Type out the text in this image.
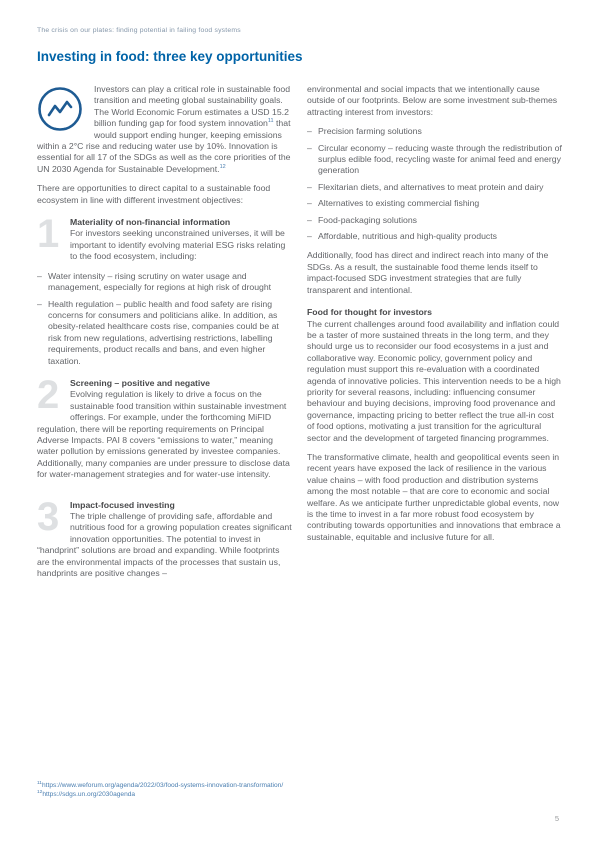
The crisis on our plates: finding potential in failing food systems
Investing in food: three key opportunities

Investors can play a critical role in sustainable food transition and meeting global sustainability goals. The World Economic Forum estimates a USD 15.2 billion funding gap for food system innovation$^{11}$ that would support ending hunger, keeping emissions within a 2°C rise and reducing water use by 10%. Innovation is essential for all 17 of the SDGs as well as the core priorities of the UN 2030 Agenda for Sustainable Development.$^{12}$

There are opportunities to direct capital to a sustainable food ecosystem in line with different investment objectives:

1	Materiality of non-financial information

For investors seeking unconstrained universes, it will be important to identify evolving material ESG risks relating to the food ecosystem, including:

– Water intensity – rising scrutiny on water usage and management, especially for regions at high risk of drought
– Health regulation – public health and food safety are rising concerns for consumers and politicians alike. In addition, as obesity-related healthcare costs rise, companies could be at risk from new regulations, advertising restrictions, labelling requirements, product recalls and bans, and even higher taxation.
2	Screening – positive and negative

Evolving regulation is likely to drive a focus on the sustainable food transition within sustainable investment offerings. For example, under the forthcoming MiFID regulation, there will be reporting requirements on Principal Adverse Impacts. PAI 8 covers “emissions to water,” meaning water pollution by emissions generated by investee companies. Additionally, many companies are under pressure to disclose data for water-management strategies and for water-use intensity.

3	Impact-focused investing

The triple challenge of providing safe, affordable and nutritious food for a growing population creates significant innovation opportunities. The potential to invest in “handprint” solutions are broad and expanding. While footprints are the environmental impacts of the processes that sustain us, handprints are positive changes –

environmental and social impacts that we intentionally cause outside of our footprints. Below are some investment sub-themes attracting interest from investors:

– Precision farming solutions
– Circular economy – reducing waste through the redistribution of surplus edible food, recycling waste for animal feed and energy generation
– Flexitarian diets, and alternatives to meat protein and dairy
– Alternatives to existing commercial fishing
– Food-packaging solutions
– Affordable, nutritious and high-quality products

Additionally, food has direct and indirect reach into many of the SDGs. As a result, the sustainable food theme lends itself to impact-focused SDG investment strategies that are fully transparent and intentional.

Food for thought for investors

The current challenges around food availability and inflation could be a taster of more sustained threats in the long term, and they should urge us to reconsider our food ecosystems in a just and collaborative way. Economic policy, government policy and regulation must support this re-evaluation with a coordinated agenda of innovative policies. This intervention needs to be a high priority for several reasons, including: influencing consumer behaviour and buying decisions, improving food provenance and governance, impacting pricing to better reflect the true all-in cost of food options, motivating a just transition for the agricultural sector and the development of targeted financing programmes.

The transformative climate, health and geopolitical events seen in recent years have exposed the lack of resilience in the various value chains – with food production and distribution systems among the most notable – that are core to economic and social welfare. As we anticipate further unpredictable global events, now is the time to invest in a far more robust food ecosystem by contributing towards opportunities and innovations that embrace a sustainable, equitable and inclusive future for all.

$^{11}$https://www.weforum.org/agenda/2022/03/food-systems-innovation-transformation/
$^{12}$https://sdgs.un.org/2030agenda
5
